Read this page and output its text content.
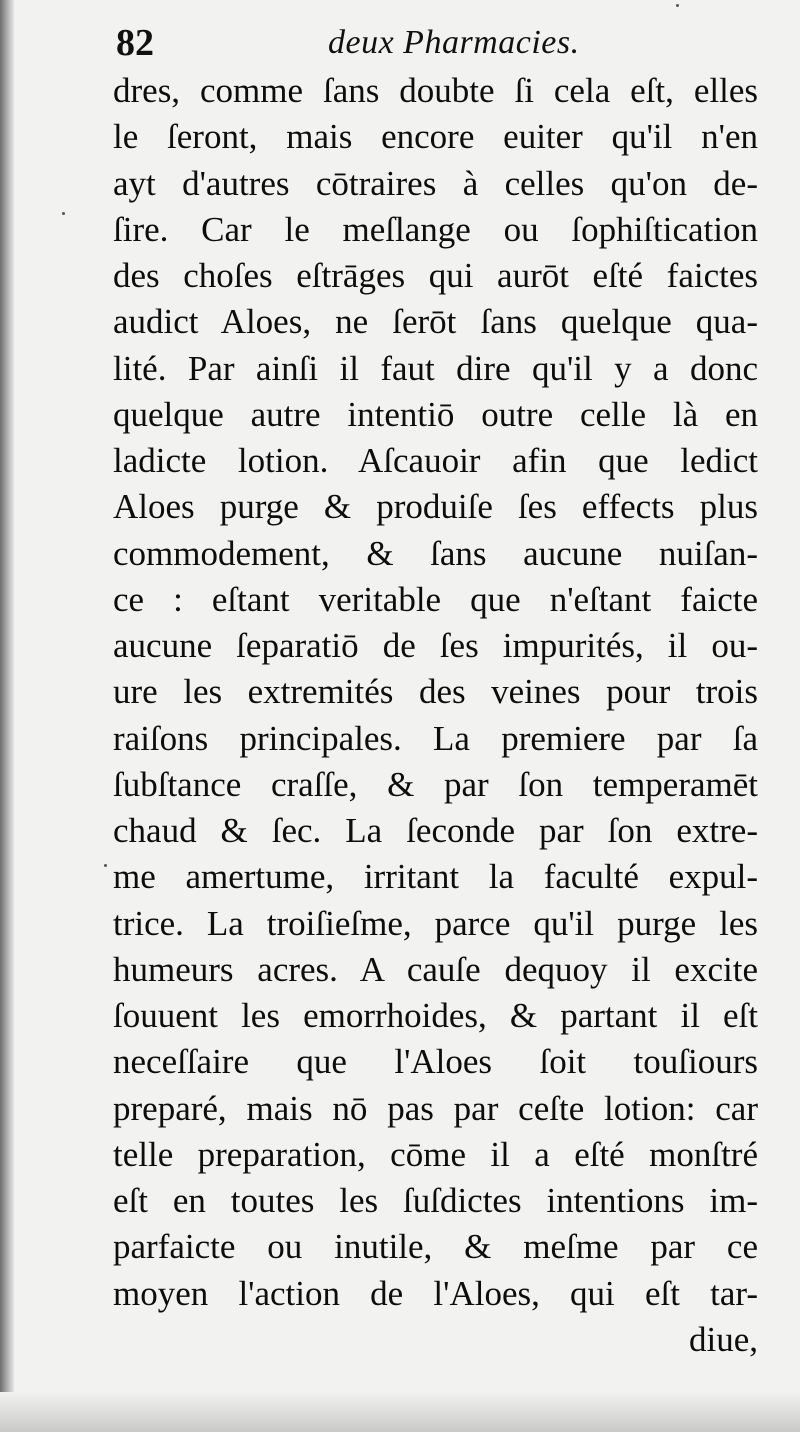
82	deux Pharmacies.
dres, comme ſans doubte ſi cela eſt, elles
le ſeront, mais encore euiter qu'il n'en
ayt d'autres cōtraires à celles qu'on de-
ſire. Car le meſlange ou ſophiſtication
des choſes eſtrāges qui aurōt eſté faictes
audict Aloes, ne ſerōt ſans quelque qua-
lité. Par ainſi il faut dire qu'il y a donc
quelque autre intentiō outre celle là en
ladicte lotion. Aſcauoir afin que ledict
Aloes purge & produiſe ſes effects plus
commodement, & ſans aucune nuiſan-
ce : eſtant veritable que n'eſtant faicte
aucune ſeparatiō de ſes impurités, il ou-
ure les extremités des veines pour trois
raiſons principales. La premiere par ſa
ſubſtance craſſe, & par ſon temperamēt
chaud & ſec. La ſeconde par ſon extre-
me amertume, irritant la faculté expul-
trice. La troiſieſme, parce qu'il purge les
humeurs acres. A cauſe dequoy il excite
ſouuent les emorrhoides, & partant il eſt
neceſſaire que l'Aloes ſoit touſiours
preparé, mais nō pas par ceſte lotion: car
telle preparation, cōme il a eſté monſtré
eſt en toutes les ſuſdictes intentions im-
parfaicte ou inutile, & meſme par ce
moyen l'action de l'Aloes, qui eſt tar-
diue,
